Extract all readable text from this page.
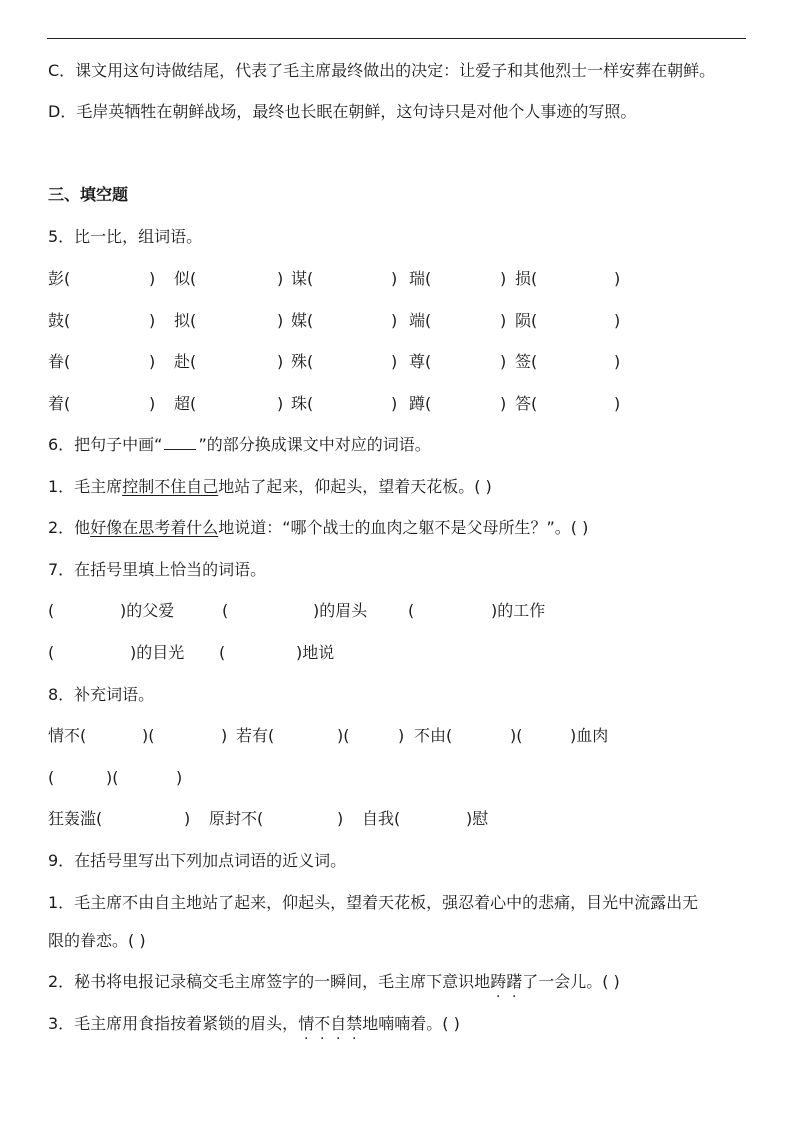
C．课文用这句诗做结尾，代表了毛主席最终做出的决定：让爱子和其他烈士一样安葬在朝鲜。
D．毛岸英牺牲在朝鲜战场，最终也长眠在朝鲜，这句诗只是对他个人事迹的写照。
三、填空题
5．比一比，组词语。
彭(	) 似(	) 谋(	) 瑞(	) 损(	)
鼓(	) 拟(	) 媒(	) 端(	) 陨(	)
眷(	) 赴(	) 殊(	) 尊(	) 签(	)
着(	) 超(	) 珠(	) 蹲(	) 答(	)
6．把句子中画“ ”的部分换成课文中对应的词语。
1．毛主席控制不住自己地站了起来，仰起头，望着天花板。( )
2．他好像在思考着什么地说道：“哪个战士的血肉之躯不是父母所生？”。( )
7．在括号里填上恰当的词语。
(	)的父爱	(	)的眉头	(	)的工作
(	)的目光 (	)地说
8．补充词语。
情不(	)(	) 若有(	)(	) 不由(	)(	)血肉
(	)(	)
狂轰滥(	) 原封不(	) 自我(	)慰
9．在括号里写出下列加点词语的近义词。
1．毛主席不由自主地站了起来，仰起头，望着天花板，强忍着心中的悲痛，目光中流露出无
限的眷恋。( )
2．秘书将电报记录稿交毛主席签字的一瞬间，毛主席下意识地踌躇了一会儿。( )
3．毛主席用食指按着紧锁的眉头，情不自禁地喃喃着。( )
